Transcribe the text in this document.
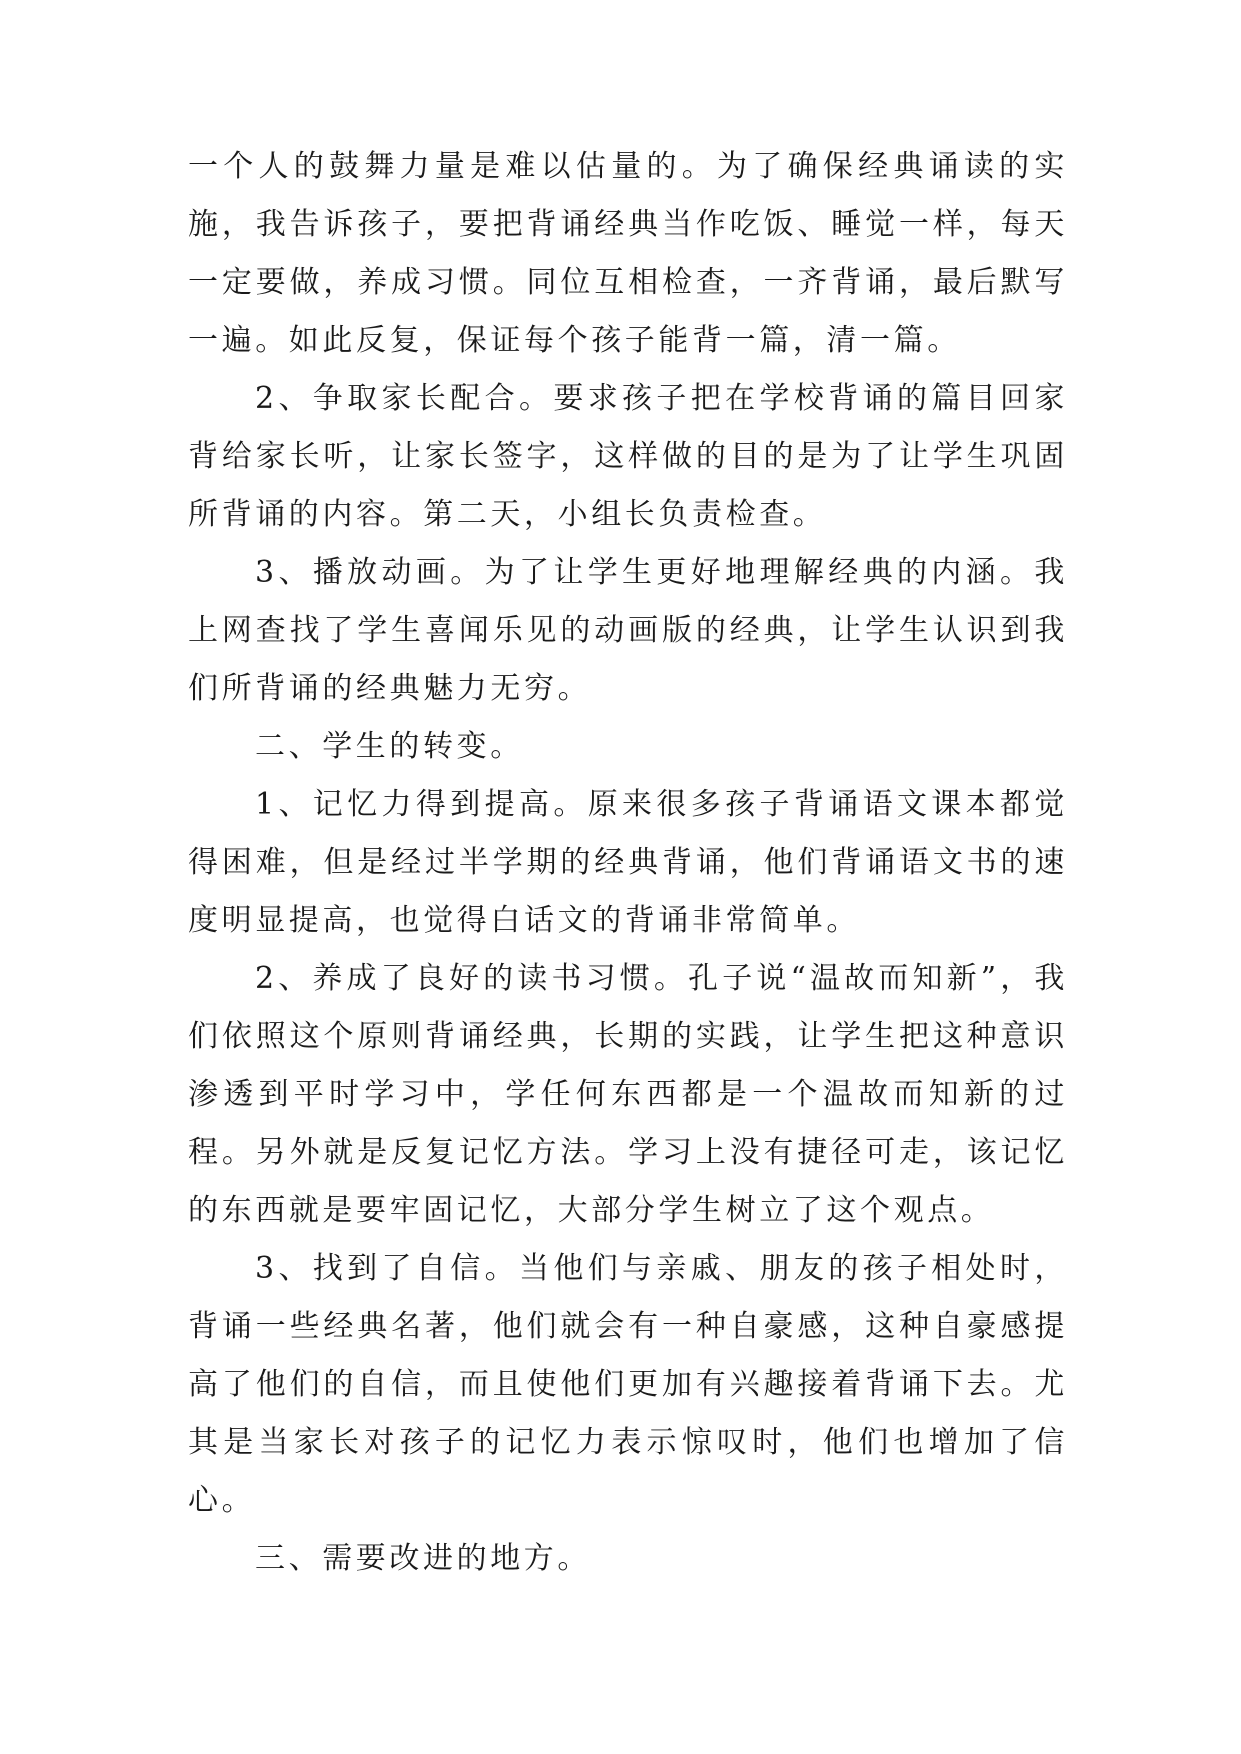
一个人的鼓舞力量是难以估量的。为了确保经典诵读的实施，我告诉孩子，要把背诵经典当作吃饭、睡觉一样，每天一定要做，养成习惯。同位互相检查，一齐背诵，最后默写一遍。如此反复，保证每个孩子能背一篇，清一篇。

2、争取家长配合。要求孩子把在学校背诵的篇目回家背给家长听，让家长签字，这样做的目的是为了让学生巩固所背诵的内容。第二天，小组长负责检查。

3、播放动画。为了让学生更好地理解经典的内涵。我上网查找了学生喜闻乐见的动画版的经典，让学生认识到我们所背诵的经典魅力无穷。

二、学生的转变。

1、记忆力得到提高。原来很多孩子背诵语文课本都觉得困难，但是经过半学期的经典背诵，他们背诵语文书的速度明显提高，也觉得白话文的背诵非常简单。

2、养成了良好的读书习惯。孔子说“温故而知新”，我们依照这个原则背诵经典，长期的实践，让学生把这种意识渗透到平时学习中，学任何东西都是一个温故而知新的过程。另外就是反复记忆方法。学习上没有捷径可走，该记忆的东西就是要牢固记忆，大部分学生树立了这个观点。

3、找到了自信。当他们与亲戚、朋友的孩子相处时，背诵一些经典名著，他们就会有一种自豪感，这种自豪感提高了他们的自信，而且使他们更加有兴趣接着背诵下去。尤其是当家长对孩子的记忆力表示惊叹时，他们也增加了信心。

三、需要改进的地方。
